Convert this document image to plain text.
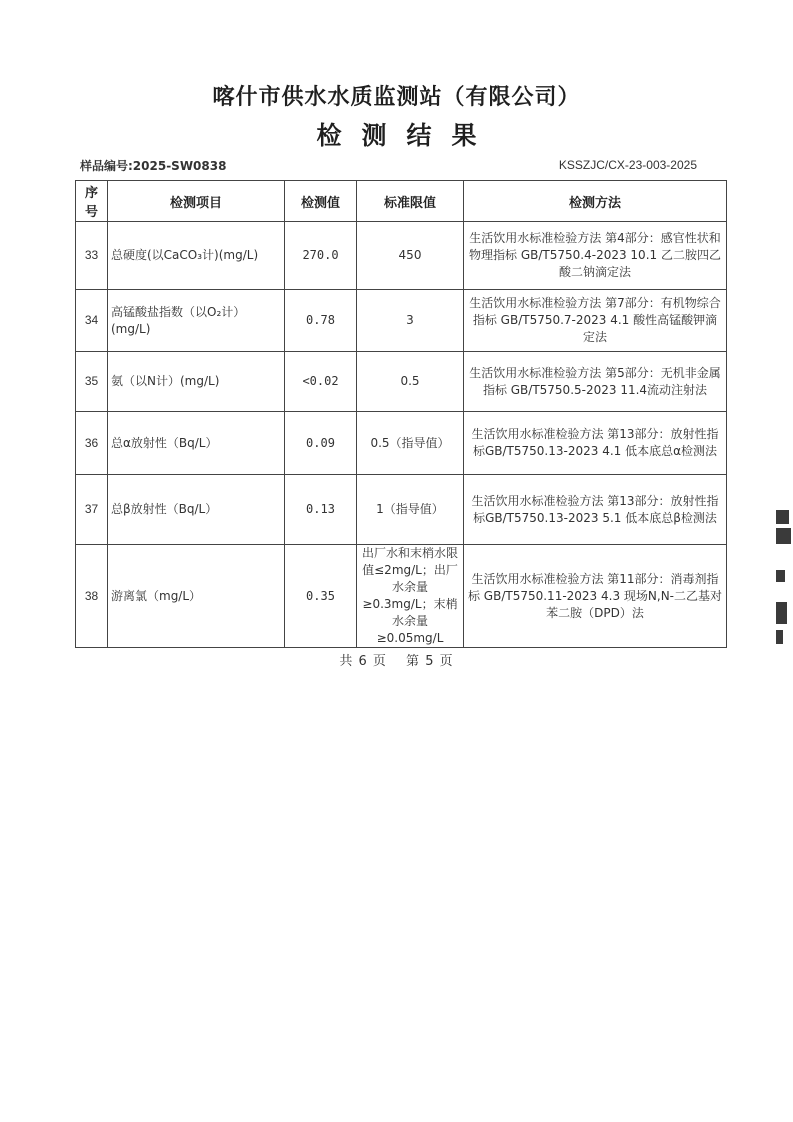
喀什市供水水质监测站（有限公司）
检测结果
样品编号:2025-SW0838	KSSZJC/CX-23-003-2025
序号	检测项目	检测值	标准限值	检测方法
33	总硬度(以CaCO₃计)(mg/L)	270.0	450	生活饮用水标准检验方法 第4部分：感官性状和物理指标 GB/T5750.4-2023 10.1 乙二胺四乙酸二钠滴定法
34	高锰酸盐指数（以O₂计）(mg/L)	0.78	3	生活饮用水标准检验方法 第7部分：有机物综合指标 GB/T5750.7-2023 4.1 酸性高锰酸钾滴定法
35	氨（以N计）(mg/L)	<0.02	0.5	生活饮用水标准检验方法 第5部分：无机非金属指标 GB/T5750.5-2023 11.4流动注射法
36	总α放射性（Bq/L）	0.09	0.5（指导值）	生活饮用水标准检验方法 第13部分：放射性指标GB/T5750.13-2023 4.1 低本底总α检测法
37	总β放射性（Bq/L）	0.13	1（指导值）	生活饮用水标准检验方法 第13部分：放射性指标GB/T5750.13-2023 5.1 低本底总β检测法
38	游离氯（mg/L）	0.35	出厂水和末梢水限值≤2mg/L；出厂水余量≥0.3mg/L；末梢水余量≥0.05mg/L	生活饮用水标准检验方法 第11部分：消毒剂指标 GB/T5750.11-2023 4.3 现场N,N-二乙基对苯二胺（DPD）法
共 6 页　 第 5 页
